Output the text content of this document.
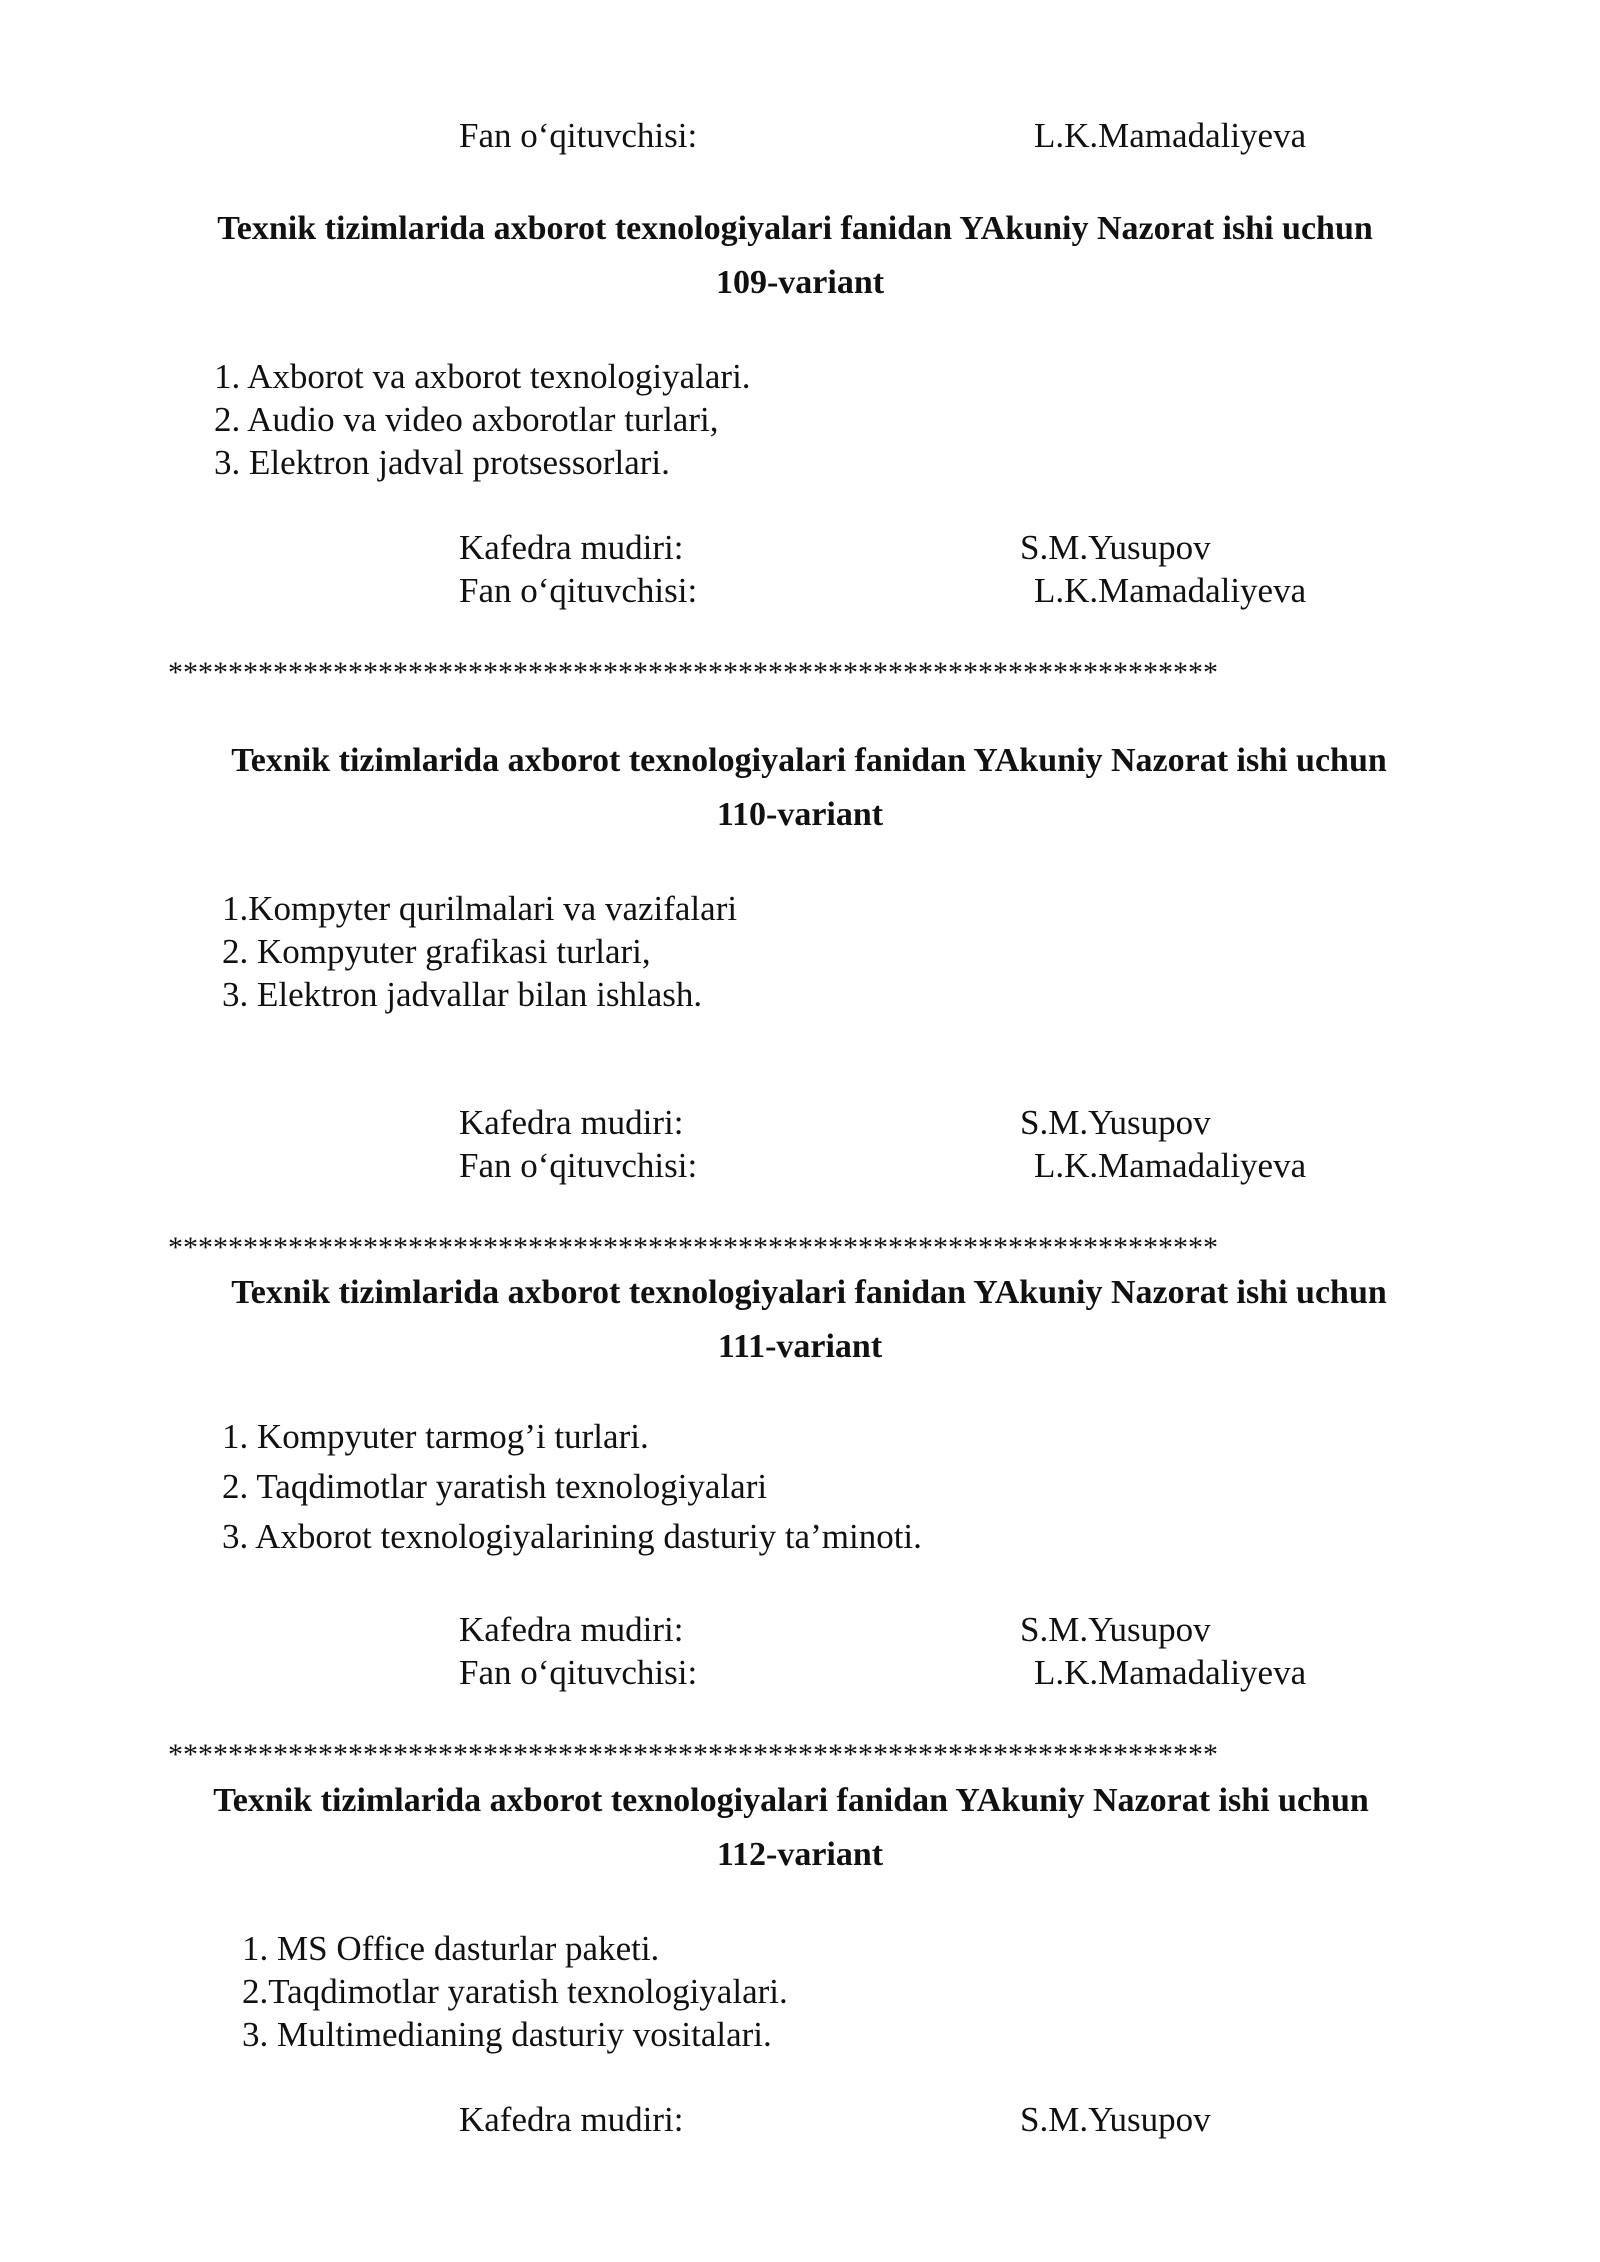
Fan o‘qituvchisi:	L.K.Mamadaliyeva
Texnik tizimlarida axborot texnologiyalari fanidan YAkuniy Nazorat ishi uchun
109-variant
1. Axborot va axborot texnologiyalari.
2. Audio va video axborotlar turlari,
3. Elektron jadval protsessorlari.
Kafedra mudiri:	S.M.Yusupov
Fan o‘qituvchisi:	L.K.Mamadaliyeva
**********************************************************************
Texnik tizimlarida axborot texnologiyalari fanidan YAkuniy Nazorat ishi uchun
110-variant
1.Kompyter qurilmalari va vazifalari
2. Kompyuter grafikasi turlari,
3. Elektron jadvallar bilan ishlash.
Kafedra mudiri:	S.M.Yusupov
Fan o‘qituvchisi:	L.K.Mamadaliyeva
**********************************************************************
Texnik tizimlarida axborot texnologiyalari fanidan YAkuniy Nazorat ishi uchun
111-variant
1. Kompyuter tarmog’i turlari.
2. Taqdimotlar yaratish texnologiyalari
3. Axborot texnologiyalarining dasturiy ta’minoti.
Kafedra mudiri:	S.M.Yusupov
Fan o‘qituvchisi:	L.K.Mamadaliyeva
**********************************************************************
Texnik tizimlarida axborot texnologiyalari fanidan YAkuniy Nazorat ishi uchun
112-variant
1. MS Office dasturlar paketi.
2.Taqdimotlar yaratish texnologiyalari.
3. Multimedianing dasturiy vositalari.
Kafedra mudiri:	S.M.Yusupov
